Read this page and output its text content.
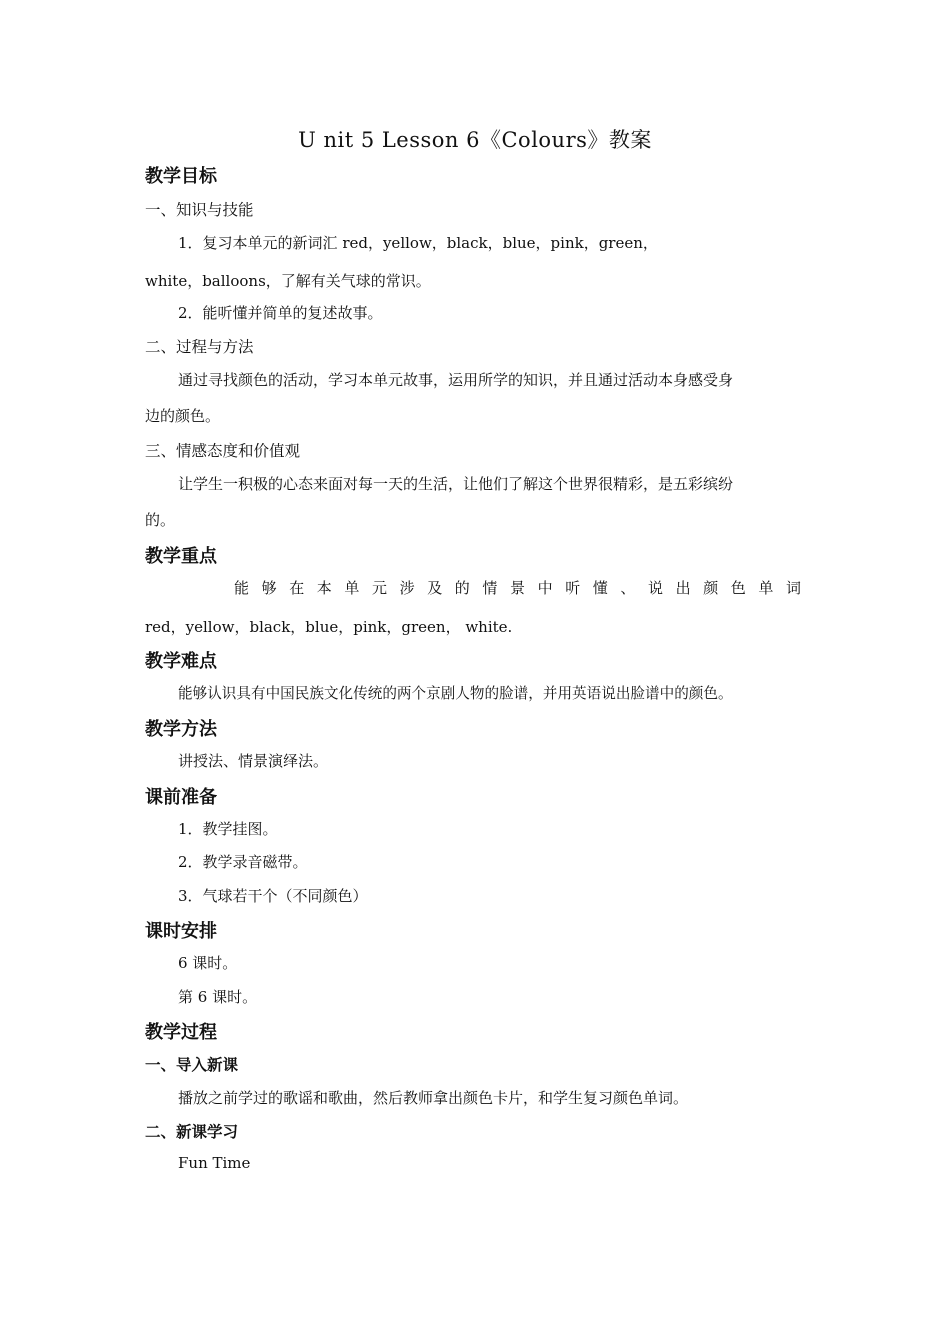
U nit 5 Lesson 6《Colours》教案
教学目标

一、知识与技能

1．复习本单元的新词汇 red，yellow，black，blue，pink，green，

white，balloons，了解有关气球的常识。

2．能听懂并简单的复述故事。

二、过程与方法

通过寻找颜色的活动，学习本单元故事，运用所学的知识，并且通过活动本身感受身

边的颜色。

三、情感态度和价值观

让学生一积极的心态来面对每一天的生活，让他们了解这个世界很精彩，是五彩缤纷

的。

教学重点

能够在本单元涉及的情景中听懂、说出颜色单词

red，yellow，black，blue，pink，green， white.

教学难点

能够认识具有中国民族文化传统的两个京剧人物的脸谱，并用英语说出脸谱中的颜色。

教学方法

讲授法、情景演绎法。

课前准备

1．教学挂图。

2．教学录音磁带。

3．气球若干个（不同颜色）

课时安排

6 课时。

第 6 课时。

教学过程

一、导入新课

播放之前学过的歌谣和歌曲，然后教师拿出颜色卡片，和学生复习颜色单词。

二、新课学习

Fun Time
